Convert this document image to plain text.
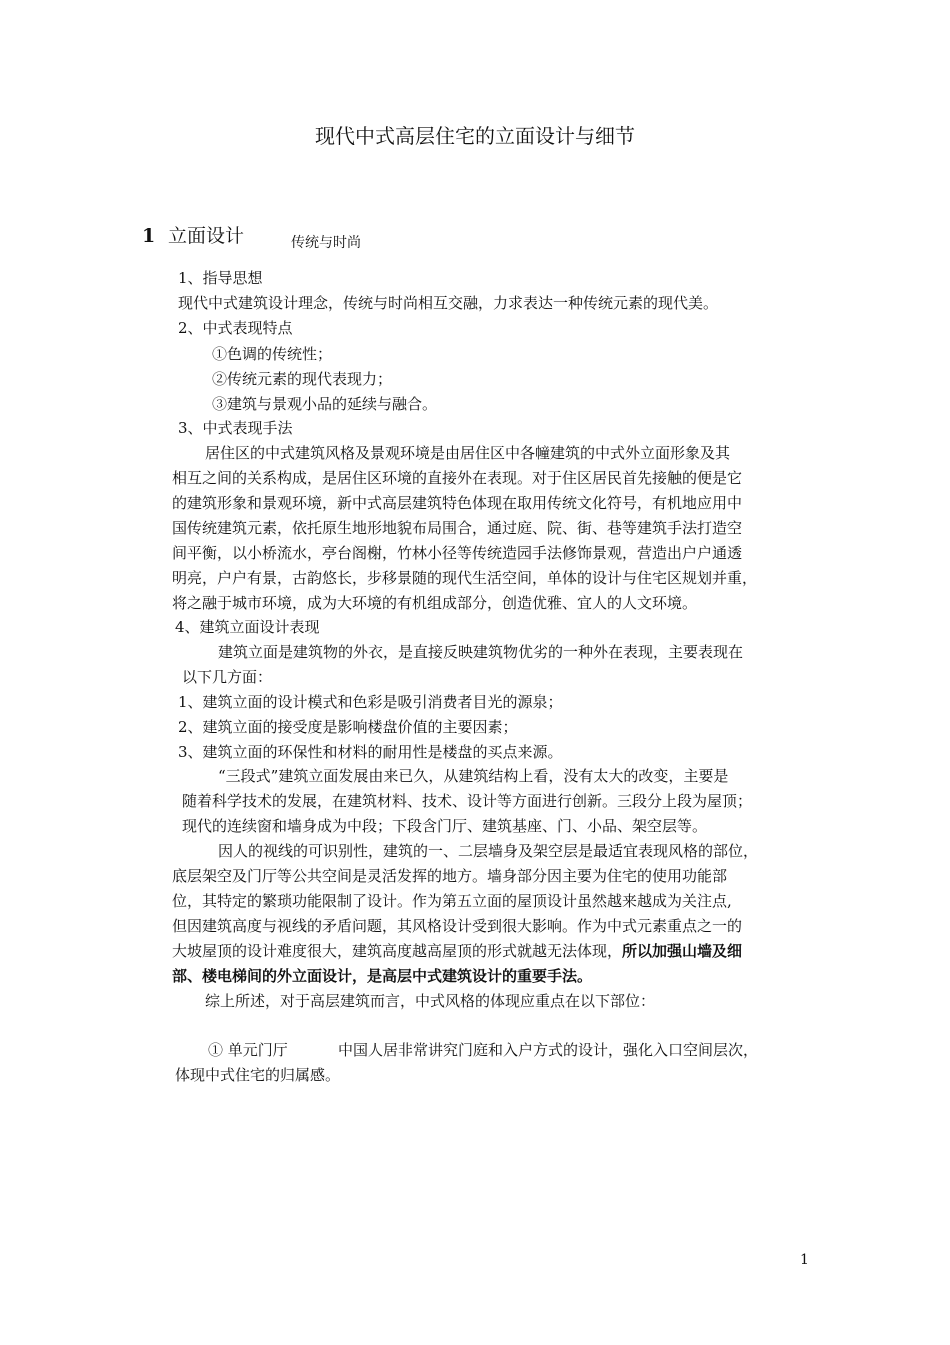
现代中式高层住宅的立面设计与细节
1 立面设计	传统与时尚
1、指导思想
现代中式建筑设计理念，传统与时尚相互交融，力求表达一种传统元素的现代美。
2、中式表现特点
①色调的传统性；
②传统元素的现代表现力；
③建筑与景观小品的延续与融合。
3、中式表现手法
居住区的中式建筑风格及景观环境是由居住区中各幢建筑的中式外立面形象及其
相互之间的关系构成，是居住区环境的直接外在表现。对于住区居民首先接触的便是它
的建筑形象和景观环境，新中式高层建筑特色体现在取用传统文化符号，有机地应用中
国传统建筑元素，依托原生地形地貌布局围合，通过庭、院、街、巷等建筑手法打造空
间平衡，以小桥流水，亭台阁榭，竹林小径等传统造园手法修饰景观，营造出户户通透
明亮，户户有景，古韵悠长，步移景随的现代生活空间，单体的设计与住宅区规划并重，
将之融于城市环境，成为大环境的有机组成部分，创造优雅、宜人的人文环境。
4、建筑立面设计表现
建筑立面是建筑物的外衣，是直接反映建筑物优劣的一种外在表现，主要表现在
以下几方面：
1、建筑立面的设计模式和色彩是吸引消费者目光的源泉；
2、建筑立面的接受度是影响楼盘价值的主要因素；
3、建筑立面的环保性和材料的耐用性是楼盘的买点来源。
“三段式”建筑立面发展由来已久，从建筑结构上看，没有太大的改变，主要是
随着科学技术的发展，在建筑材料、技术、设计等方面进行创新。三段分上段为屋顶；
现代的连续窗和墙身成为中段；下段含门厅、建筑基座、门、小品、架空层等。
因人的视线的可识别性，建筑的一、二层墙身及架空层是最适宜表现风格的部位，
底层架空及门厅等公共空间是灵活发挥的地方。墙身部分因主要为住宅的使用功能部
位，其特定的繁琐功能限制了设计。作为第五立面的屋顶设计虽然越来越成为关注点,
但因建筑高度与视线的矛盾问题，其风格设计受到很大影响。作为中式元素重点之一的
大坡屋顶的设计难度很大，建筑高度越高屋顶的形式就越无法体现，所以加强山墙及细
部、楼电梯间的外立面设计，是高层中式建筑设计的重要手法。
综上所述，对于高层建筑而言，中式风格的体现应重点在以下部位：
① 单元门厅	中国人居非常讲究门庭和入户方式的设计，强化入口空间层次，
体现中式住宅的归属感。
1
